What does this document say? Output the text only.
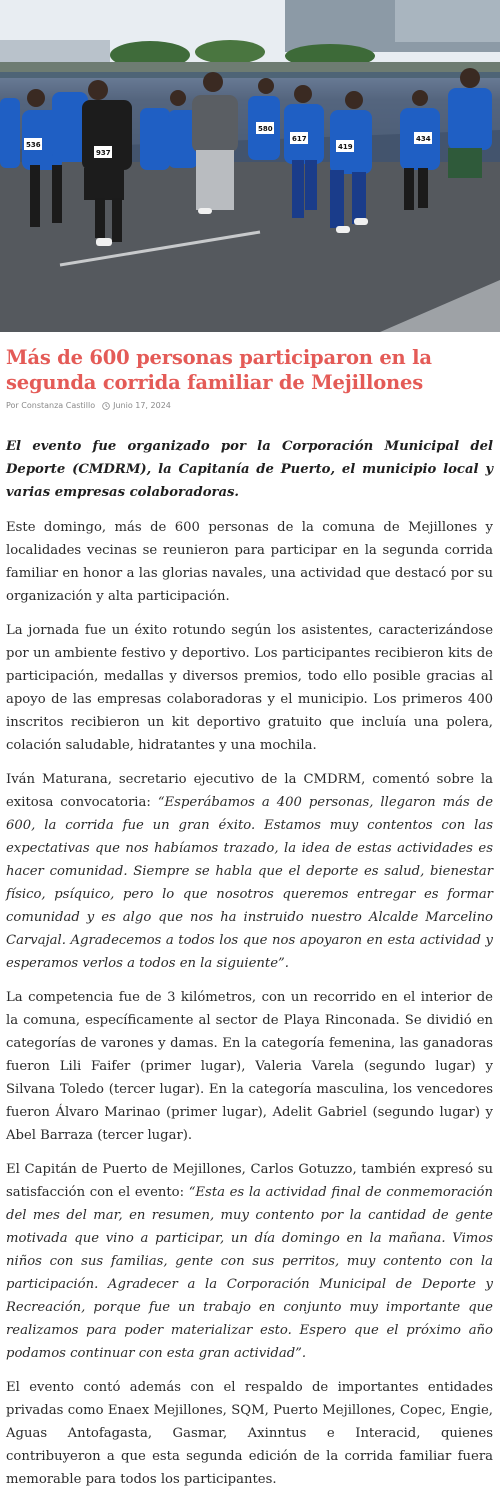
536
937
617
419
434
580
Más de 600 personas participaron en la segunda corrida familiar de Mejillones
Por Constanza Castillo Junio 17, 2024

El evento fue organizado por la Corporación Municipal del Deporte (CMDRM), la Capitanía de Puerto, el municipio local y varias empresas colaboradoras.

Este domingo, más de 600 personas de la comuna de Mejillones y localidades vecinas se reunieron para participar en la segunda corrida familiar en honor a las glorias navales, una actividad que destacó por su organización y alta participación.

La jornada fue un éxito rotundo según los asistentes, caracterizándose por un ambiente festivo y deportivo. Los participantes recibieron kits de participación, medallas y diversos premios, todo ello posible gracias al apoyo de las empresas colaboradoras y el municipio. Los primeros 400 inscritos recibieron un kit deportivo gratuito que incluía una polera, colación saludable, hidratantes y una mochila.

Iván Maturana, secretario ejecutivo de la CMDRM, comentó sobre la exitosa convocatoria: “Esperábamos a 400 personas, llegaron más de 600, la corrida fue un gran éxito. Estamos muy contentos con las expectativas que nos habíamos trazado, la idea de estas actividades es hacer comunidad. Siempre se habla que el deporte es salud, bienestar físico, psíquico, pero lo que nosotros queremos entregar es formar comunidad y es algo que nos ha instruido nuestro Alcalde Marcelino Carvajal. Agradecemos a todos los que nos apoyaron en esta actividad y esperamos verlos a todos en la siguiente”.

La competencia fue de 3 kilómetros, con un recorrido en el interior de la comuna, específicamente al sector de Playa Rinconada. Se dividió en categorías de varones y damas. En la categoría femenina, las ganadoras fueron Lili Faifer (primer lugar), Valeria Varela (segundo lugar) y Silvana Toledo (tercer lugar). En la categoría masculina, los vencedores fueron Álvaro Marinao (primer lugar), Adelit Gabriel (segundo lugar) y Abel Barraza (tercer lugar).

El Capitán de Puerto de Mejillones, Carlos Gotuzzo, también expresó su satisfacción con el evento: “Esta es la actividad final de conmemoración del mes del mar, en resumen, muy contento por la cantidad de gente motivada que vino a participar, un día domingo en la mañana. Vimos niños con sus familias, gente con sus perritos, muy contento con la participación. Agradecer a la Corporación Municipal de Deporte y Recreación, porque fue un trabajo en conjunto muy importante que realizamos para poder materializar esto. Espero que el próximo año podamos continuar con esta gran actividad”.

El evento contó además con el respaldo de importantes entidades privadas como Enaex Mejillones, SQM, Puerto Mejillones, Copec, Engie, Aguas Antofagasta, Gasmar, Axinntus e Interacid, quienes contribuyeron a que esta segunda edición de la corrida familiar fuera memorable para todos los participantes.
